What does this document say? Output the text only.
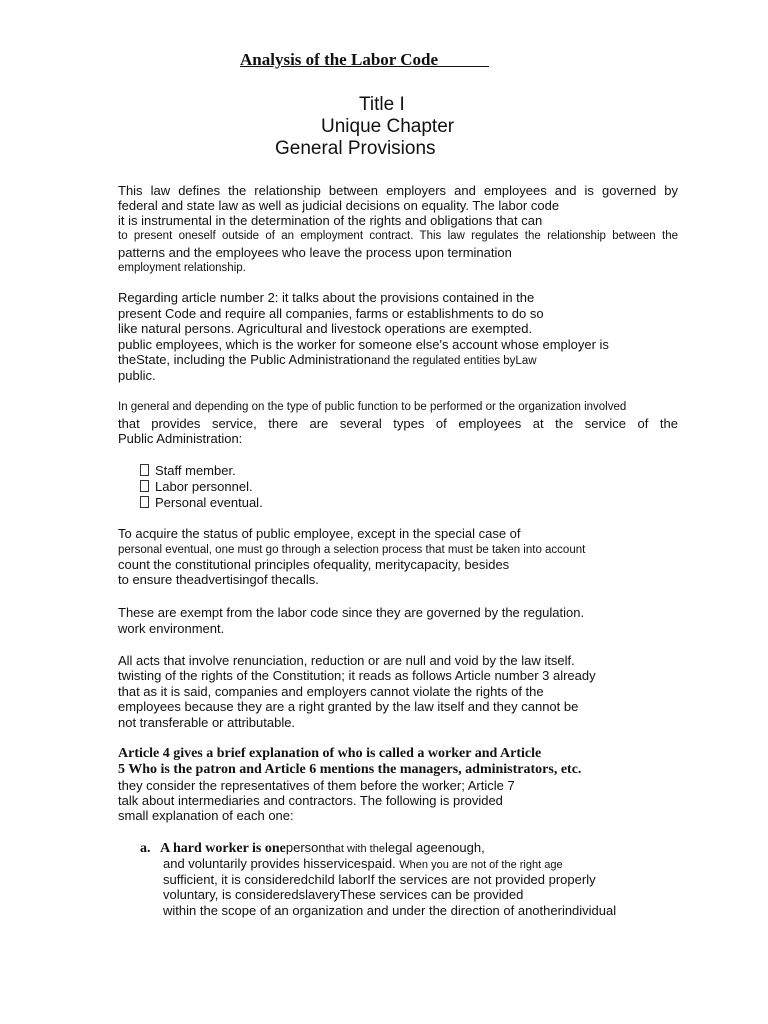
Analysis of the Labor Code
Title I
Unique Chapter
General Provisions
This law defines the relationship between employers and employees and is governed by
federal and state law as well as judicial decisions on equality. The labor code
it is instrumental in the determination of the rights and obligations that can
to present oneself outside of an employment contract. This law regulates the relationship between the
patterns and the employees who leave the process upon termination
employment relationship.
Regarding article number 2: it talks about the provisions contained in the
present Code and require all companies, farms or establishments to do so
like natural persons. Agricultural and livestock operations are exempted.
public employees, which is the worker for someone else's account whose employer is
theState, including the Public Administrationand the regulated entities byLaw
public.
In general and depending on the type of public function to be performed or the organization involved
that provides service, there are several types of employees at the service of the
Public Administration:
Staff member.
Labor personnel.
Personal eventual.
To acquire the status of public employee, except in the special case of
personal eventual, one must go through a selection process that must be taken into account
count the constitutional principles ofequality, meritycapacity, besides
to ensure theadvertisingof thecalls.
These are exempt from the labor code since they are governed by the regulation.
work environment.
All acts that involve renunciation, reduction or are null and void by the law itself.
twisting of the rights of the Constitution; it reads as follows Article number 3 already
that as it is said, companies and employers cannot violate the rights of the
employees because they are a right granted by the law itself and they cannot be
not transferable or attributable.
Article 4 gives a brief explanation of who is called a worker and Article
5 Who is the patron and Article 6 mentions the managers, administrators, etc.
they consider the representatives of them before the worker; Article 7
talk about intermediaries and contractors. The following is provided
small explanation of each one:
a. A hard worker is onepersonthat with thelegal ageenough,
and voluntarily provides hisservicespaid. When you are not of the right age
sufficient, it is consideredchild laborIf the services are not provided properly
voluntary, is consideredslaveryThese services can be provided
within the scope of an organization and under the direction of anotherindividual
